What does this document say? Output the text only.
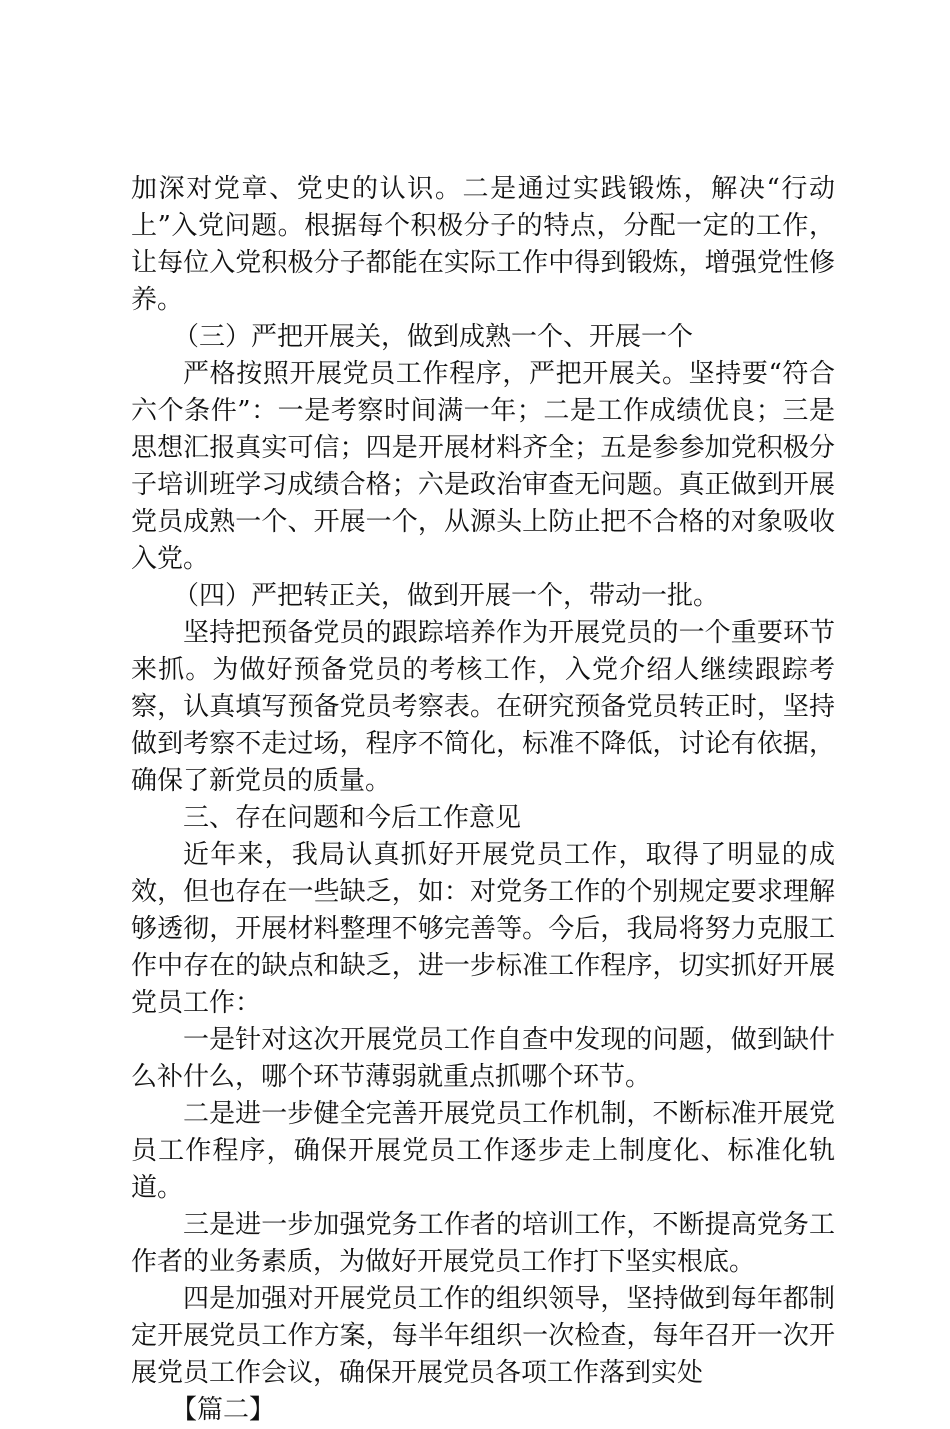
加深对党章、党史的认识。二是通过实践锻炼，解决“行动上”入党问题。根据每个积极分子的特点，分配一定的工作，让每位入党积极分子都能在实际工作中得到锻炼，增强党性修养。

（三）严把开展关，做到成熟一个、开展一个

严格按照开展党员工作程序，严把开展关。坚持要“符合六个条件”：一是考察时间满一年；二是工作成绩优良；三是思想汇报真实可信；四是开展材料齐全；五是参参加党积极分子培训班学习成绩合格；六是政治审查无问题。真正做到开展党员成熟一个、开展一个，从源头上防止把不合格的对象吸收入党。

（四）严把转正关，做到开展一个，带动一批。

坚持把预备党员的跟踪培养作为开展党员的一个重要环节来抓。为做好预备党员的考核工作，入党介绍人继续跟踪考察，认真填写预备党员考察表。在研究预备党员转正时，坚持做到考察不走过场，程序不简化，标准不降低，讨论有依据，确保了新党员的质量。

三、存在问题和今后工作意见

近年来，我局认真抓好开展党员工作，取得了明显的成效，但也存在一些缺乏，如：对党务工作的个别规定要求理解够透彻，开展材料整理不够完善等。今后，我局将努力克服工作中存在的缺点和缺乏，进一步标准工作程序，切实抓好开展党员工作：

一是针对这次开展党员工作自查中发现的问题，做到缺什么补什么，哪个环节薄弱就重点抓哪个环节。

二是进一步健全完善开展党员工作机制，不断标准开展党员工作程序，确保开展党员工作逐步走上制度化、标准化轨道。

三是进一步加强党务工作者的培训工作，不断提高党务工作者的业务素质，为做好开展党员工作打下坚实根底。

四是加强对开展党员工作的组织领导，坚持做到每年都制定开展党员工作方案，每半年组织一次检查，每年召开一次开展党员工作会议，确保开展党员各项工作落到实处

【篇二】
